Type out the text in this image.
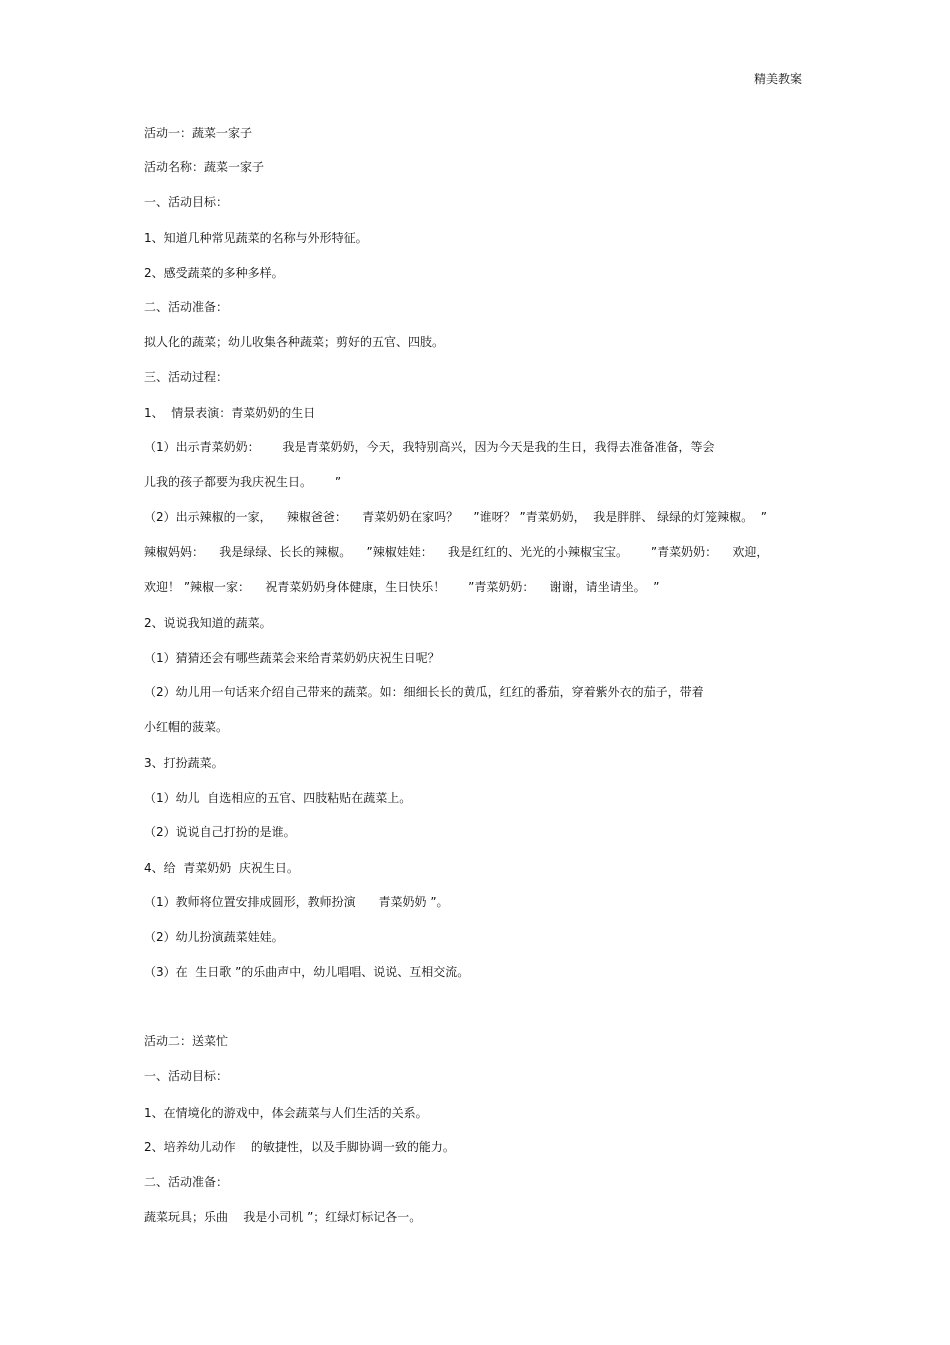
精美教案
活动一：蔬菜一家子
活动名称：蔬菜一家子
一、活动目标：
1、知道几种常见蔬菜的名称与外形特征。
2、感受蔬菜的多种多样。
二、活动准备：
拟人化的蔬菜；幼儿收集各种蔬菜；剪好的五官、四肢。
三、活动过程：
1、  情景表演：青菜奶奶的生日
（1）出示青菜奶奶：      我是青菜奶奶，今天，我特别高兴，因为今天是我的生日，我得去准备准备，等会
儿我的孩子都要为我庆祝生日。      ”
（2）出示辣椒的一家，    辣椒爸爸：    青菜奶奶在家吗？    ”谁呀？ ”青菜奶奶，  我是胖胖、 绿绿的灯笼辣椒。  ”
辣椒妈妈：    我是绿绿、长长的辣椒。    ”辣椒娃娃：    我是红红的、光光的小辣椒宝宝。      ”青菜奶奶：    欢迎，
欢迎！ ”辣椒一家：    祝青菜奶奶身体健康，生日快乐！      ”青菜奶奶：    谢谢，请坐请坐。  ”
2、说说我知道的蔬菜。
（1）猜猜还会有哪些蔬菜会来给青菜奶奶庆祝生日呢？
（2）幼儿用一句话来介绍自己带来的蔬菜。如：细细长长的黄瓜，红红的番茄，穿着紫外衣的茄子，带着
小红帽的菠菜。
3、打扮蔬菜。
（1）幼儿  自选相应的五官、四肢粘贴在蔬菜上。
（2）说说自己打扮的是谁。
4、给  青菜奶奶  庆祝生日。
（1）教师将位置安排成圆形，教师扮演      青菜奶奶 ”。
（2）幼儿扮演蔬菜娃娃。
（3）在  生日歌 ”的乐曲声中，幼儿唱唱、说说、互相交流。
活动二：送菜忙
一、活动目标：
1、在情境化的游戏中，体会蔬菜与人们生活的关系。
2、培养幼儿动作    的敏捷性，以及手脚协调一致的能力。
二、活动准备：
蔬菜玩具；乐曲    我是小司机 ”；红绿灯标记各一。
